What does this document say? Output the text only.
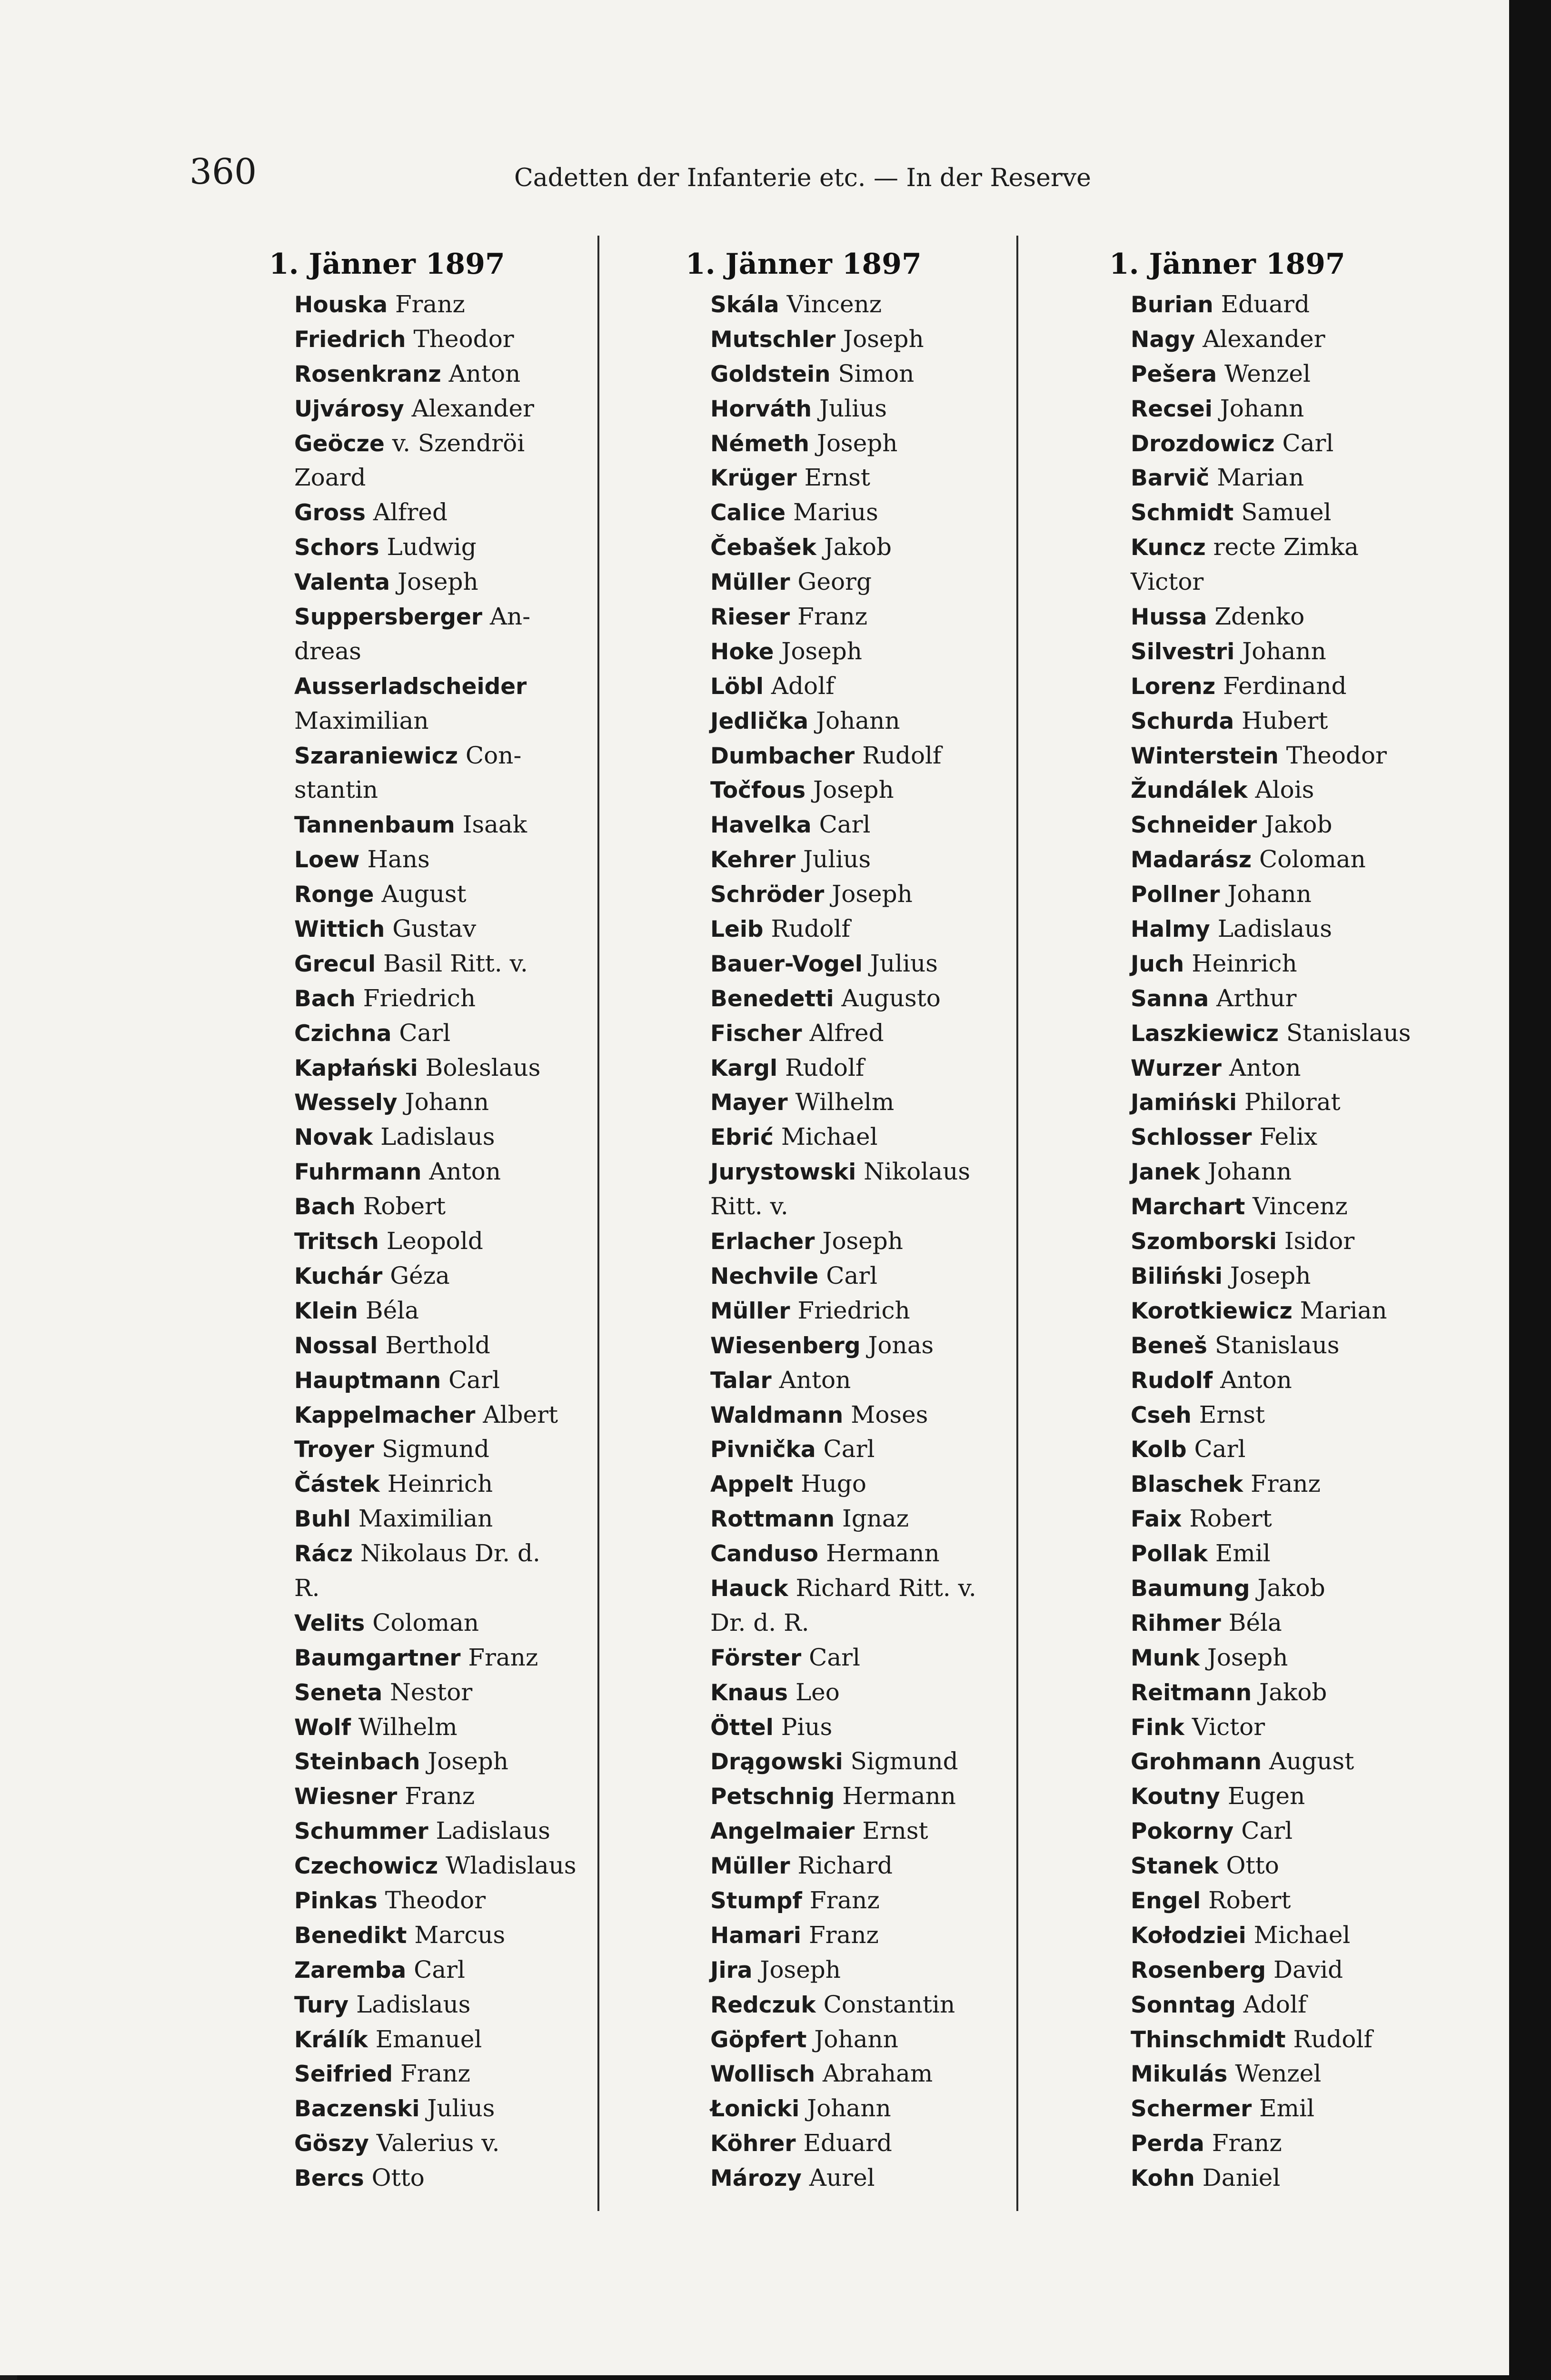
360	Cadetten der Infanterie etc. — In der Reserve
1. Jänner 1897
Houska Franz
Friedrich Theodor
Rosenkranz Anton
Ujvárosy Alexander
Geöcze v. Szendröi
Zoard
Gross Alfred
Schors Ludwig
Valenta Joseph
Suppersberger An-
dreas
Ausserladscheider
Maximilian
Szaraniewicz Con-
stantin
Tannenbaum Isaak
Loew Hans
Ronge August
Wittich Gustav
Grecul Basil Ritt. v.
Bach Friedrich
Czichna Carl
Kapłański Boleslaus
Wessely Johann
Novak Ladislaus
Fuhrmann Anton
Bach Robert
Tritsch Leopold
Kuchár Géza
Klein Béla
Nossal Berthold
Hauptmann Carl
Kappelmacher Albert
Troyer Sigmund
Částek Heinrich
Buhl Maximilian
Rácz Nikolaus Dr. d.
R.
Velits Coloman
Baumgartner Franz
Seneta Nestor
Wolf Wilhelm
Steinbach Joseph
Wiesner Franz
Schummer Ladislaus
Czechowicz Wladislaus
Pinkas Theodor
Benedikt Marcus
Zaremba Carl
Tury Ladislaus
Králík Emanuel
Seifried Franz
Baczenski Julius
Göszy Valerius v.
Bercs Otto
1. Jänner 1897
Skála Vincenz
Mutschler Joseph
Goldstein Simon
Horváth Julius
Németh Joseph
Krüger Ernst
Calice Marius
Čebašek Jakob
Müller Georg
Rieser Franz
Hoke Joseph
Löbl Adolf
Jedlička Johann
Dumbacher Rudolf
Točfous Joseph
Havelka Carl
Kehrer Julius
Schröder Joseph
Leib Rudolf
Bauer-Vogel Julius
Benedetti Augusto
Fischer Alfred
Kargl Rudolf
Mayer Wilhelm
Ebrić Michael
Jurystowski Nikolaus
Ritt. v.
Erlacher Joseph
Nechvile Carl
Müller Friedrich
Wiesenberg Jonas
Talar Anton
Waldmann Moses
Pivnička Carl
Appelt Hugo
Rottmann Ignaz
Canduso Hermann
Hauck Richard Ritt. v.
Dr. d. R.
Förster Carl
Knaus Leo
Öttel Pius
Drągowski Sigmund
Petschnig Hermann
Angelmaier Ernst
Müller Richard
Stumpf Franz
Hamari Franz
Jira Joseph
Redczuk Constantin
Göpfert Johann
Wollisch Abraham
Łonicki Johann
Köhrer Eduard
Mározy Aurel
1. Jänner 1897
Burian Eduard
Nagy Alexander
Pešera Wenzel
Recsei Johann
Drozdowicz Carl
Barvič Marian
Schmidt Samuel
Kuncz recte Zimka
Victor
Hussa Zdenko
Silvestri Johann
Lorenz Ferdinand
Schurda Hubert
Winterstein Theodor
Žundálek Alois
Schneider Jakob
Madarász Coloman
Pollner Johann
Halmy Ladislaus
Juch Heinrich
Sanna Arthur
Laszkiewicz Stanislaus
Wurzer Anton
Jamiński Philorat
Schlosser Felix
Janek Johann
Marchart Vincenz
Szomborski Isidor
Biliński Joseph
Korotkiewicz Marian
Beneš Stanislaus
Rudolf Anton
Cseh Ernst
Kolb Carl
Blaschek Franz
Faix Robert
Pollak Emil
Baumung Jakob
Rihmer Béla
Munk Joseph
Reitmann Jakob
Fink Victor
Grohmann August
Koutny Eugen
Pokorny Carl
Stanek Otto
Engel Robert
Kołodziei Michael
Rosenberg David
Sonntag Adolf
Thinschmidt Rudolf
Mikulás Wenzel
Schermer Emil
Perda Franz
Kohn Daniel
